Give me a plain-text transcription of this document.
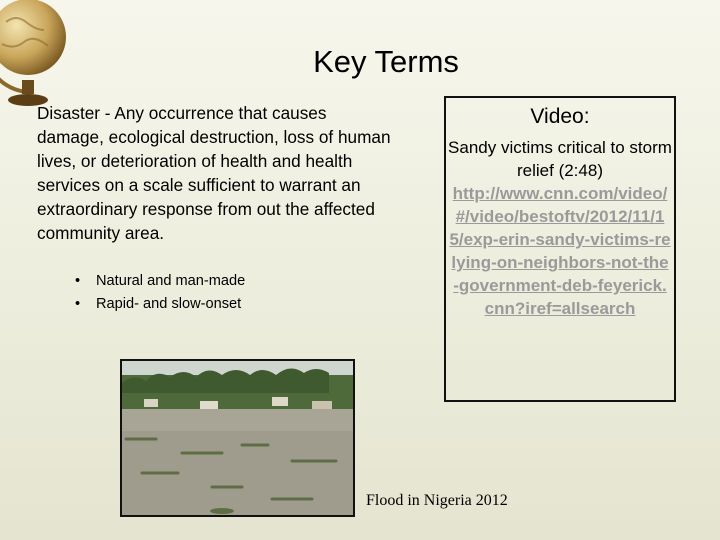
Key Terms
Disaster - Any occurrence that causes damage, ecological destruction, loss of human lives, or deterioration of health and health services on a scale sufficient to warrant an extraordinary response from out the affected community area.
• Natural and man-made
• Rapid- and slow-onset
Video:
Sandy victims critical to storm relief (2:48)
http://www.cnn.com/video/#/video/bestoftv/2012/11/15/exp-erin-sandy-victims-relying-on-neighbors-not-the-government-deb-feyerick.cnn?iref=allsearch
Flood in Nigeria 2012
